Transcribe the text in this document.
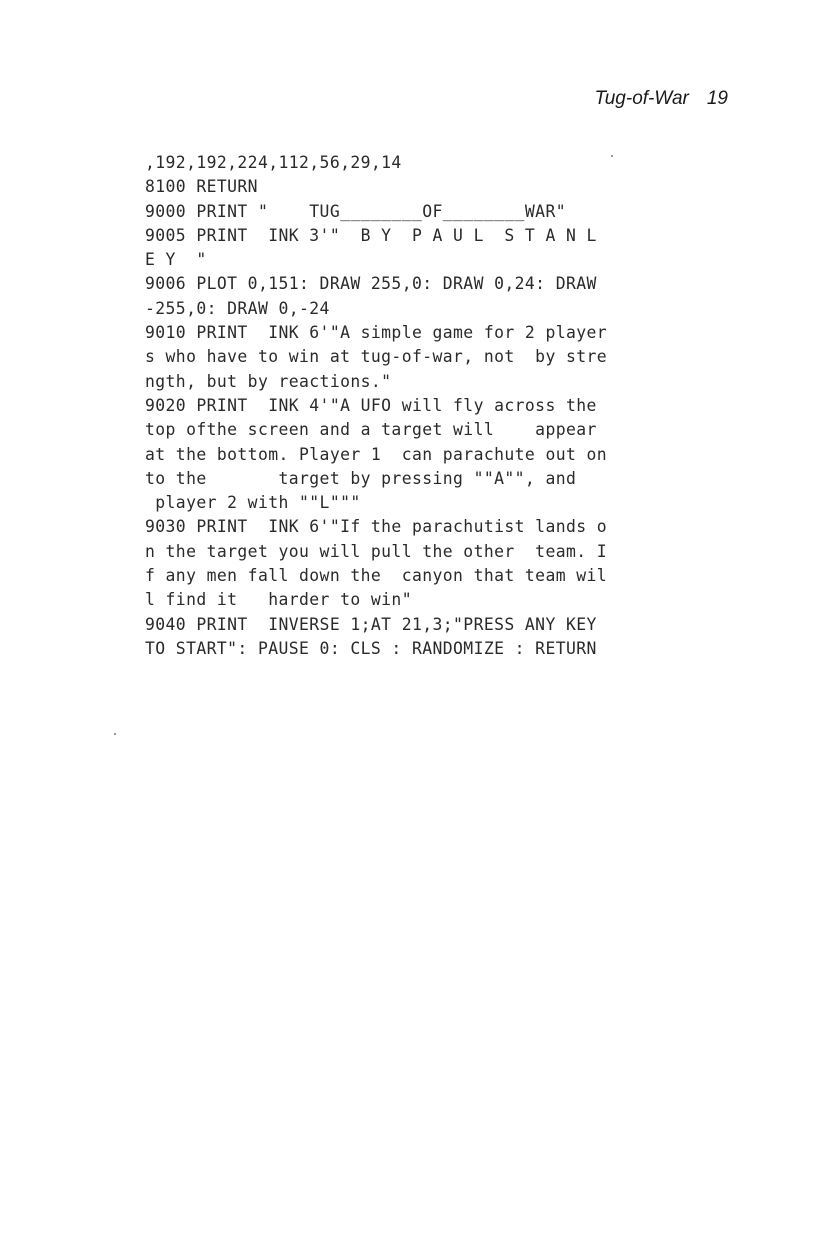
Tug-of-War 19
,192,192,224,112,56,29,14
8100 RETURN
9000 PRINT "    TUG________OF________WAR"
9005 PRINT  INK 3'"  B Y  P A U L  S T A N L
E Y  "
9006 PLOT 0,151: DRAW 255,0: DRAW 0,24: DRAW
-255,0: DRAW 0,-24
9010 PRINT  INK 6'"A simple game for 2 player
s who have to win at tug-of-war, not  by stre
ngth, but by reactions."
9020 PRINT  INK 4'"A UFO will fly across the
top ofthe screen and a target will    appear
at the bottom. Player 1  can parachute out on
to the       target by pressing ""A"", and
player 2 with ""L"""
9030 PRINT  INK 6'"If the parachutist lands o
n the target you will pull the other  team. I
f any men fall down the  canyon that team wil
l find it   harder to win"
9040 PRINT  INVERSE 1;AT 21,3;"PRESS ANY KEY
TO START": PAUSE 0: CLS : RANDOMIZE : RETURN
